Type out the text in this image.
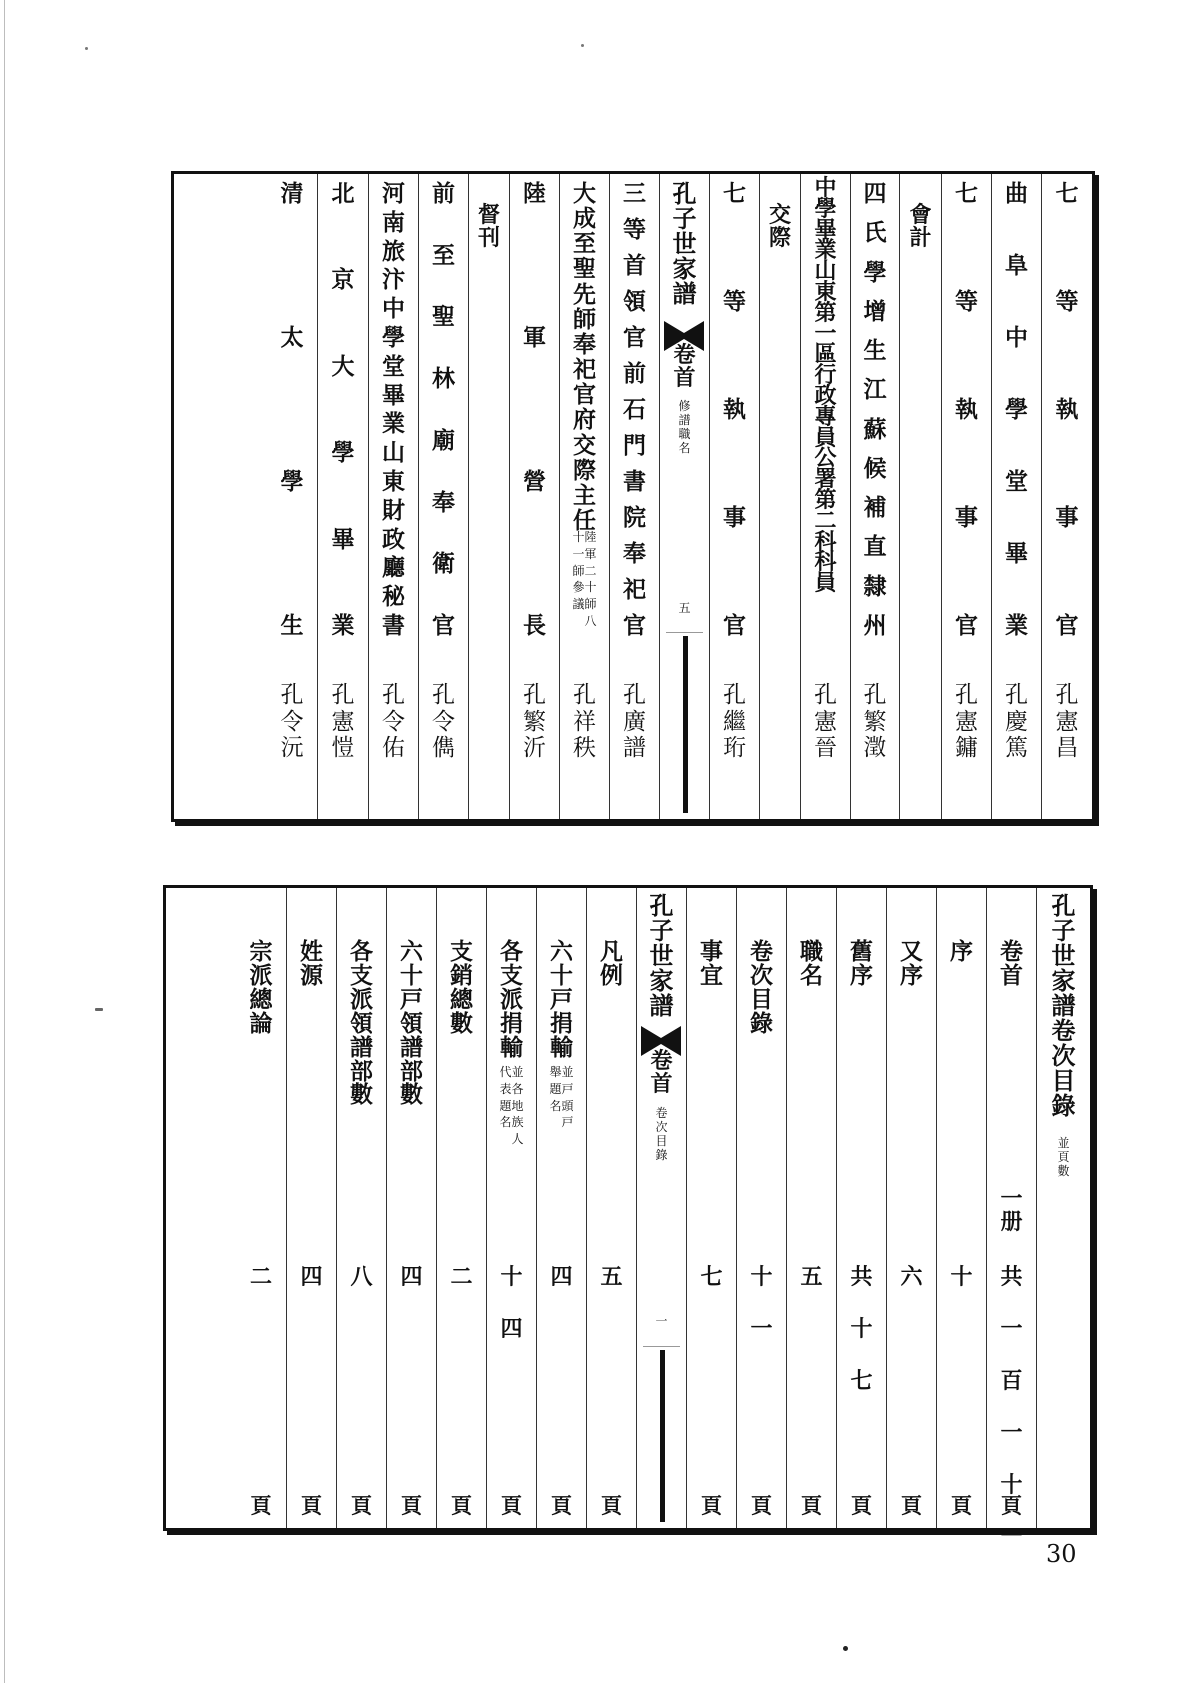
七
等
執
事
官
孔
憲
昌
曲
阜
中
學
堂
畢
業
孔
慶
篤
七
等
執
事
官
孔
憲
鏞
會
計
四
氏
學
增
生
江
蘇
候
補
直
隸
州
孔
繁
澂
中
學
畢
業
山
東
第
一
區
行
政
專
員
公
署
第
二
科
科
員
孔
憲
晉
交
際
七
等
執
事
官
孔
繼
珩
孔
子
世
家
譜
卷
首
修
譜
職
名
五
三
等
首
領
官
前
石
門
書
院
奉
祀
官
孔
廣
譜
大
成
至
聖
先
師
奉
祀
官
府
交
際
主
任
陸
軍
二
十
師
八
十
一
師
參
議
孔
祥
秩
陸
軍
營
長
孔
繁
沂
督
刊
前
至
聖
林
廟
奉
衛
官
孔
令
儁
河
南
旅
汴
中
學
堂
畢
業
山
東
財
政
廳
秘
書
孔
令
佑
北
京
大
學
畢
業
孔
憲
愷
清
太
學
生
孔
令
沅
孔
子
世
家
譜
卷
次
目
錄
並
頁
數
卷
首
一
册
共
一
百
一
十
一
頁
序
十
頁
又
序
六
頁
舊
序
共
十
七
頁
職
名
五
頁
卷
次
目
錄
十
一
頁
事
宜
七
頁
孔
子
世
家
譜
卷
首
卷
次
目
錄
一
凡
例
五
頁
六
十
戸
捐
輸
並
戸
頭
戸
舉
題
名
四
頁
各
支
派
捐
輸
並
各
地
族
人
代
表
題
名
十
四
頁
支
銷
總
數
二
頁
六
十
戸
領
譜
部
數
四
頁
各
支
派
領
譜
部
數
八
頁
姓
源
四
頁
宗
派
總
論
二
頁
30
